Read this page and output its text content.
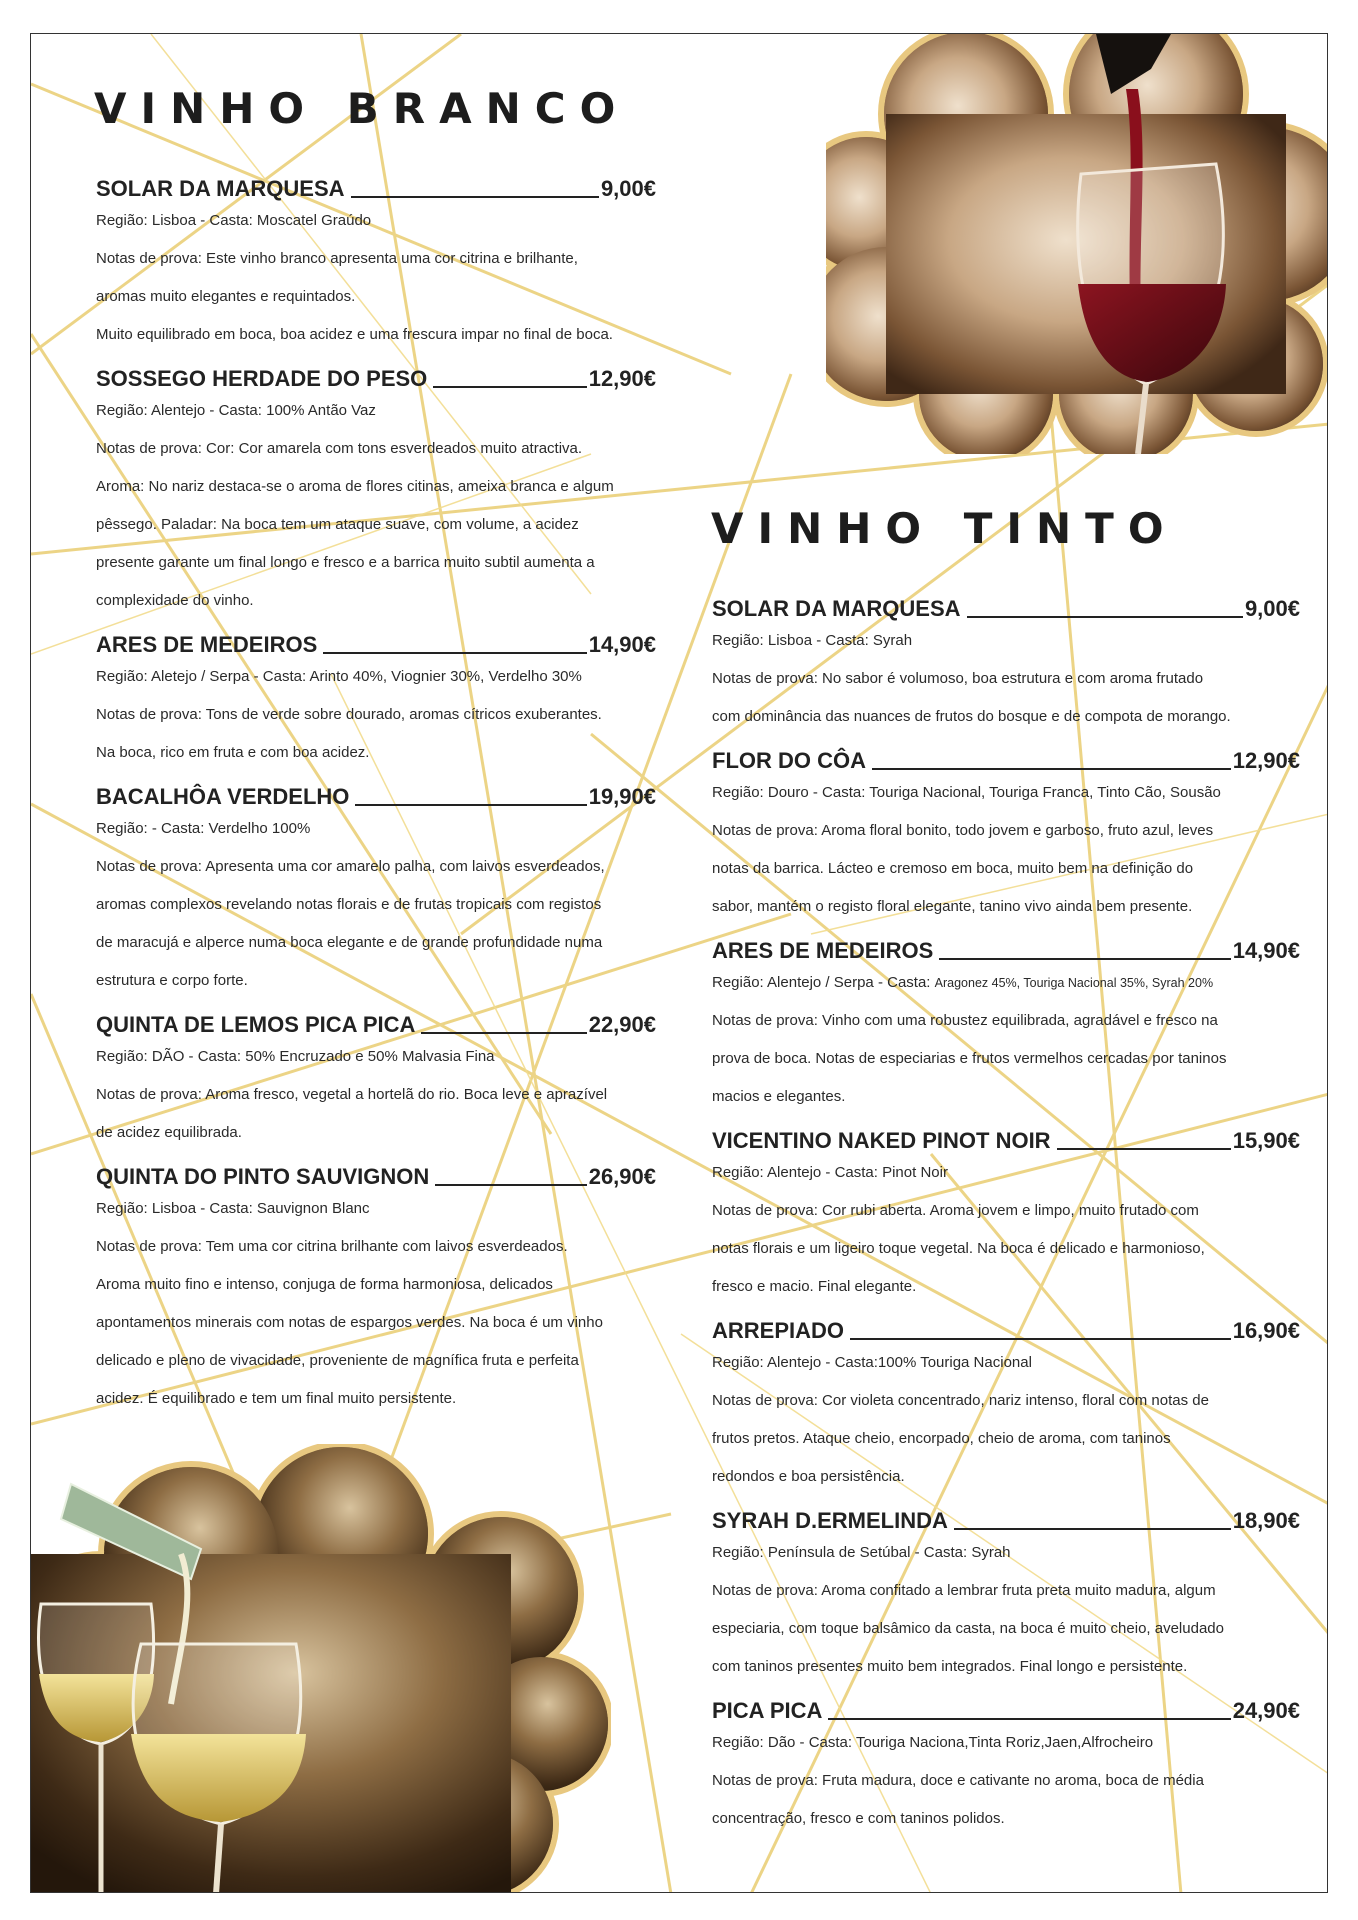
VINHO BRANCO
VINHO TINTO
SOLAR DA MARQUESA	9,00€
Região: Lisboa - Casta: Moscatel Graúdo
Notas de prova: Este vinho branco apresenta uma cor citrina e brilhante,
aromas muito elegantes e requintados.
Muito equilibrado em boca, boa acidez e uma frescura impar no final de boca.
SOSSEGO HERDADE DO PESO	12,90€
Região: Alentejo - Casta: 100% Antão Vaz
Notas de prova: Cor: Cor amarela com tons esverdeados muito atractiva.
Aroma: No nariz destaca-se o aroma de flores citinas, ameixa branca e algum
pêssego. Paladar: Na boca tem um ataque suave, com volume, a acidez
presente garante um final longo e fresco e a barrica muito subtil aumenta a
complexidade do vinho.
ARES DE MEDEIROS	14,90€
Região: Aletejo / Serpa - Casta: Arinto 40%, Viognier 30%, Verdelho 30%
Notas de prova: Tons de verde sobre dourado, aromas cítricos exuberantes.
Na boca, rico em fruta e com boa acidez.
BACALHÔA VERDELHO	19,90€
Região: - Casta: Verdelho 100%
Notas de prova: Apresenta uma cor amarelo palha, com laivos esverdeados,
aromas complexos revelando notas florais e de frutas tropicais com registos
de maracujá e alperce numa boca elegante e de grande profundidade numa
estrutura e corpo forte.
QUINTA DE LEMOS PICA PICA	22,90€
Região: DÃO - Casta: 50% Encruzado e 50% Malvasia Fina
Notas de prova: Aroma fresco, vegetal a hortelã do rio. Boca leve e aprazível
de acidez equilibrada.
QUINTA DO PINTO SAUVIGNON	26,90€
Região: Lisboa - Casta: Sauvignon Blanc
Notas de prova: Tem uma cor citrina brilhante com laivos esverdeados.
Aroma muito fino e intenso, conjuga de forma harmoniosa, delicados
apontamentos minerais com notas de espargos verdes. Na boca é um vinho
delicado e pleno de vivacidade, proveniente de magnífica fruta e perfeita
acidez. É equilibrado e tem um final muito persistente.
SOLAR DA MARQUESA	9,00€
Região: Lisboa - Casta: Syrah
Notas de prova: No sabor é volumoso, boa estrutura e com aroma frutado
com dominância das nuances de frutos do bosque e de compota de morango.
FLOR DO CÔA	12,90€
Região: Douro - Casta: Touriga Nacional, Touriga Franca, Tinto Cão, Sousão
Notas de prova: Aroma floral bonito, todo jovem e garboso, fruto azul, leves
notas da barrica. Lácteo e cremoso em boca, muito bem na definição do
sabor, mantém o registo floral elegante, tanino vivo ainda bem presente.
ARES DE MEDEIROS	14,90€
Região: Alentejo / Serpa - Casta: Aragonez 45%, Touriga Nacional 35%, Syrah 20%
Notas de prova: Vinho com uma robustez equilibrada, agradável e fresco na
prova de boca. Notas de especiarias e frutos vermelhos cercadas por taninos
macios e elegantes.
VICENTINO NAKED PINOT NOIR	15,90€
Região: Alentejo - Casta: Pinot Noir
Notas de prova: Cor rubi aberta. Aroma jovem e limpo, muito frutado com
notas florais e um ligeiro toque vegetal. Na boca é delicado e harmonioso,
fresco e macio. Final elegante.
ARREPIADO	16,90€
Região: Alentejo - Casta:100% Touriga Nacional
Notas de prova: Cor violeta concentrado, nariz intenso, floral com notas de
frutos pretos. Ataque cheio, encorpado, cheio de aroma, com taninos
redondos e boa persistência.
SYRAH D.ERMELINDA	18,90€
Região: Península de Setúbal - Casta: Syrah
Notas de prova: Aroma confitado a lembrar fruta preta muito madura, algum
especiaria, com toque balsâmico da casta, na boca é muito cheio, aveludado
com taninos presentes muito bem integrados. Final longo e persistente.
PICA PICA	24,90€
Região: Dão - Casta: Touriga Naciona,Tinta Roriz,Jaen,Alfrocheiro
Notas de prova: Fruta madura, doce e cativante no aroma, boca de média
concentração, fresco e com taninos polidos.
